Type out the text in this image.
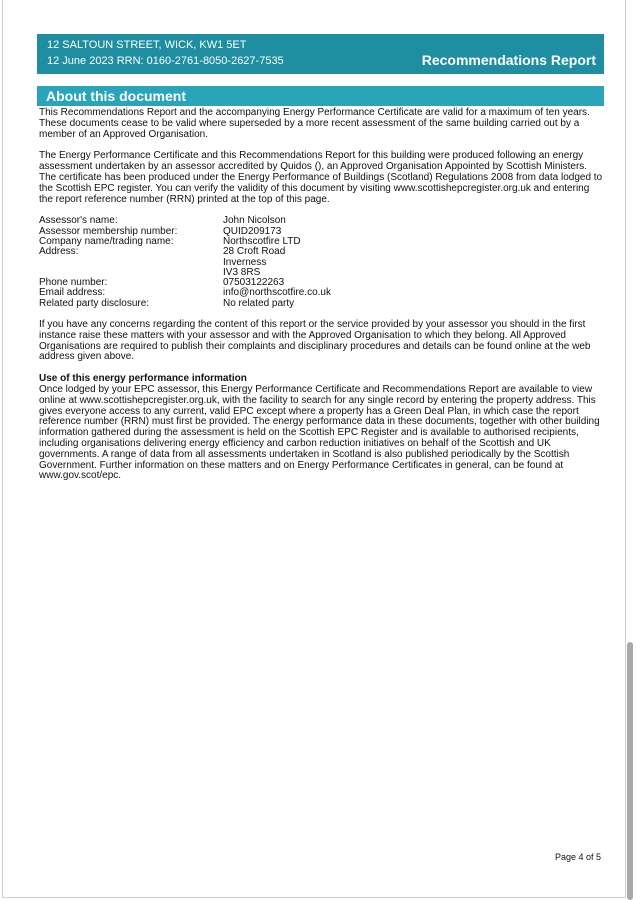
12 SALTOUN STREET, WICK, KW1 5ET
12 June 2023 RRN: 0160-2761-8050-2627-7535	Recommendations Report
About this document

This Recommendations Report and the accompanying Energy Performance Certificate are valid for a maximum of ten years. These documents cease to be valid where superseded by a more recent assessment of the same building carried out by a member of an Approved Organisation.

The Energy Performance Certificate and this Recommendations Report for this building were produced following an energy assessment undertaken by an assessor accredited by Quidos (), an Approved Organisation Appointed by Scottish Ministers. The certificate has been produced under the Energy Performance of Buildings (Scotland) Regulations 2008 from data lodged to the Scottish EPC register. You can verify the validity of this document by visiting www.scottishepcregister.org.uk and entering the report reference number (RRN) printed at the top of this page.

Assessor's name:	John Nicolson
Assessor membership number:	QUID209173
Company name/trading name:	Northscotfire LTD
Address:	28 Croft Road
Inverness
IV3 8RS
Phone number:	07503122263
Email address:	info@northscotfire.co.uk
Related party disclosure:	No related party

If you have any concerns regarding the content of this report or the service provided by your assessor you should in the first instance raise these matters with your assessor and with the Approved Organisation to which they belong. All Approved Organisations are required to publish their complaints and disciplinary procedures and details can be found online at the web address given above.

Use of this energy performance information

Once lodged by your EPC assessor, this Energy Performance Certificate and Recommendations Report are available to view online at www.scottishepcregister.org.uk, with the facility to search for any single record by entering the property address. This gives everyone access to any current, valid EPC except where a property has a Green Deal Plan, in which case the report reference number (RRN) must first be provided. The energy performance data in these documents, together with other building information gathered during the assessment is held on the Scottish EPC Register and is available to authorised recipients, including organisations delivering energy efficiency and carbon reduction initiatives on behalf of the Scottish and UK governments. A range of data from all assessments undertaken in Scotland is also published periodically by the Scottish Government. Further information on these matters and on Energy Performance Certificates in general, can be found at www.gov.scot/epc.

Page 4 of 5
